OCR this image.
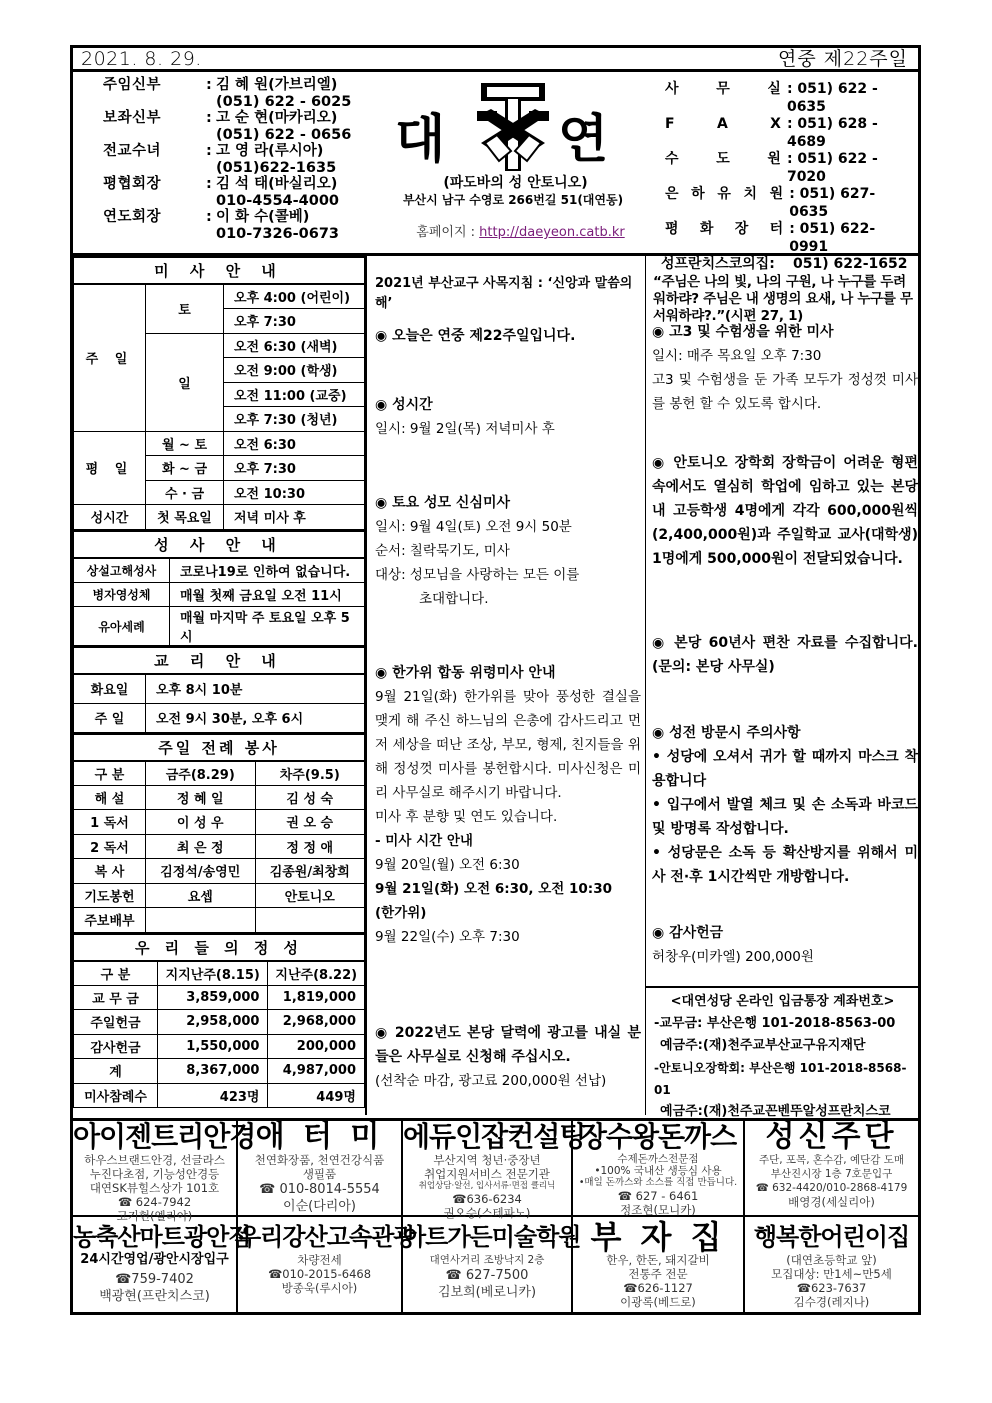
2021. 8. 29.	연중 제22주일
주임신부	: 김 혜 원(가브리엘)
(051) 622 - 6025
보좌신부	: 고 순 현(마카리오)
(051) 622 - 0656
전교수녀	: 고 영 라(루시아)
(051)622-1635
평협회장	: 김 석 태(바실리오)
010-4554-4000
연도회장	: 이 화 수(콜베)
010-7326-0673
대 연
(파도바의 성 안토니오)
부산시 남구 수영로 266번길 51(대연동)
홈페이지 : http://daeyeon.catb.kr
사	무	실 : 051) 622 - 0635
F	A	X : 051) 628 - 4689
수	도	원 : 051) 622 - 7020
은 하 유 치 원 : 051) 627- 0635
평 화 장 터 : 051) 622- 0991
성프란치스코의집: 051) 622-1652
“주님은 나의 빛, 나의 구원, 나 누구를 두려워하랴? 주님은 내 생명의 요새, 나 누구를 무서워하랴?.”(시편 27, 1)
미 사 안 내		
주 일	토	오후 4:00 (어린이)
		오후 7:30
	일	오전 6:30 (새벽)
		오전 9:00 (학생)
		오전 11:00 (교중)
		오후 7:30 (청년)
평 일	월 ~ 토	오전 6:30
	화 ~ 금	오후 7:30
	수 · 금	오전 10:30
성시간	첫 목요일	저녁 미사 후
성 사 안 내	
상설고해성사	코로나19로 인하여 없습니다.
병자영성체	매월 첫째 금요일 오전 11시
유아세례	매월 마지막 주 토요일 오후 5시
교 리 안 내	
화요일	오후 8시 10분
주 일	오전 9시 30분, 오후 6시
주일 전례 봉사		
구 분	금주(8.29)	차주(9.5)
해 설	정 혜 일	김 성 숙
1 독서	이 성 우	권 오 승
2 독서	최 은 정	정 정 애
복 사	김정석/송영민	김종원/최창희
기도봉헌	요셉	안토니오
주보배부		
우 리 들 의 정 성		
구 분	지지난주(8.15)	지난주(8.22)
교 무 금	3,859,000	1,819,000
주일헌금	2,958,000	2,968,000
감사헌금	1,550,000	200,000
계	8,367,000	4,987,000
미사참례수	423명	449명
2021년 부산교구 사목지침 : ‘신앙과 말씀의 해’
◉ 오늘은 연중 제22주일입니다.
◉ 성시간
일시: 9월 2일(목) 저녁미사 후
◉ 토요 성모 신심미사
일시: 9월 4일(토) 오전 9시 50분
순서: 칠락묵기도, 미사
대상: 성모님을 사랑하는 모든 이를
초대합니다.
◉ 한가위 합동 위령미사 안내

9월 21일(화) 한가위를 맞아 풍성한 결실을 맺게 해 주신 하느님의 은총에 감사드리고 먼저 세상을 떠난 조상, 부모, 형제, 친지들을 위해 정성껏 미사를 봉헌합시다. 미사신청은 미리 사무실로 해주시기 바랍니다.

미사 후 분향 및 연도 있습니다.
- 미사 시간 안내
9월 20일(월) 오전 6:30
9월 21일(화) 오전 6:30, 오전 10:30
(한가위)
9월 22일(수) 오후 7:30

◉ 2022년도 본당 달력에 광고를 내실 분들은 사무실로 신청해 주십시오.

(선착순 마감, 광고료 200,000원 선납)
◉ 고3 및 수험생을 위한 미사
일시: 매주 목요일 오후 7:30

고3 및 수험생을 둔 가족 모두가 정성껏 미사를 봉헌 할 수 있도록 합시다.

◉ 안토니오 장학회 장학금이 어려운 형편 속에서도 열심히 학업에 임하고 있는 본당내 고등학생 4명에게 각각 600,000원씩(2,400,000원)과 주일학교 교사(대학생) 1명에게 500,000원이 전달되었습니다.

◉ 본당 60년사 편찬 자료를 수집합니다.(문의: 본당 사무실)

◉ 성전 방문시 주의사항

• 성당에 오셔서 귀가 할 때까지 마스크 착용합니다

• 입구에서 발열 체크 및 손 소독과 바코드 및 방명록 작성합니다.

• 성당문은 소독 등 확산방지를 위해서 미사 전·후 1시간씩만 개방합니다.

◉ 감사헌금
허창우(미카엘) 200,000원
<대연성당 온라인 입금통장 계좌번호>
-교무금: 부산은행 101-2018-8563-00
예금주:(재)천주교부산교구유지재단
-안토니오장학회: 부산은행 101-2018-8568-01
예금주:(재)천주교꼰벤뚜알성프란치스코
아이젠트리안경
하우스브랜드안경, 선글라스
누진다초점, 기능성안경등
대연SK뷰힐스상가 101호
☎ 624-7942
고기현(엘리야)
애 터 미
천연화장품, 천연건강식품
생필품
☎ 010-8014-5554
이순(다리아)
에듀인잡컨설팅
부산지역 청년·중장년
취업지원서비스 전문기관
취업상담·알선, 입사서류·면접 클리닉
☎636-6234
권오승(스테파노)
장수왕돈까스
수제돈까스전문점
•100% 국내산 생등심 사용
•매일 돈까스와 소스를 직접 만듭니다.
☎ 627 - 6461
정조현(모니카)
성신주단
주단, 포목, 혼수감, 예단감 도매
부산진시장 1층 7호문입구
☎ 632-4420/010-2868-4179
배영경(세실리아)
농축산마트광안점
24시간영업/광안시장입구
☎759-7402
백광현(프란치스코)
우리강산고속관광
차량전세
☎010-2015-6468
방종욱(루시아)
아트가든미술학원
대연사거리 조방낙지 2층
☎ 627-7500
김보희(베로니카)
부 자 집
한우, 한돈, 돼지갈비
전통주 전문
☎626-1127
이광록(베드로)
행복한어린이집
(대연초등학교 앞)
모집대상: 만1세~만5세
☎623-7637
김수경(레지나)
